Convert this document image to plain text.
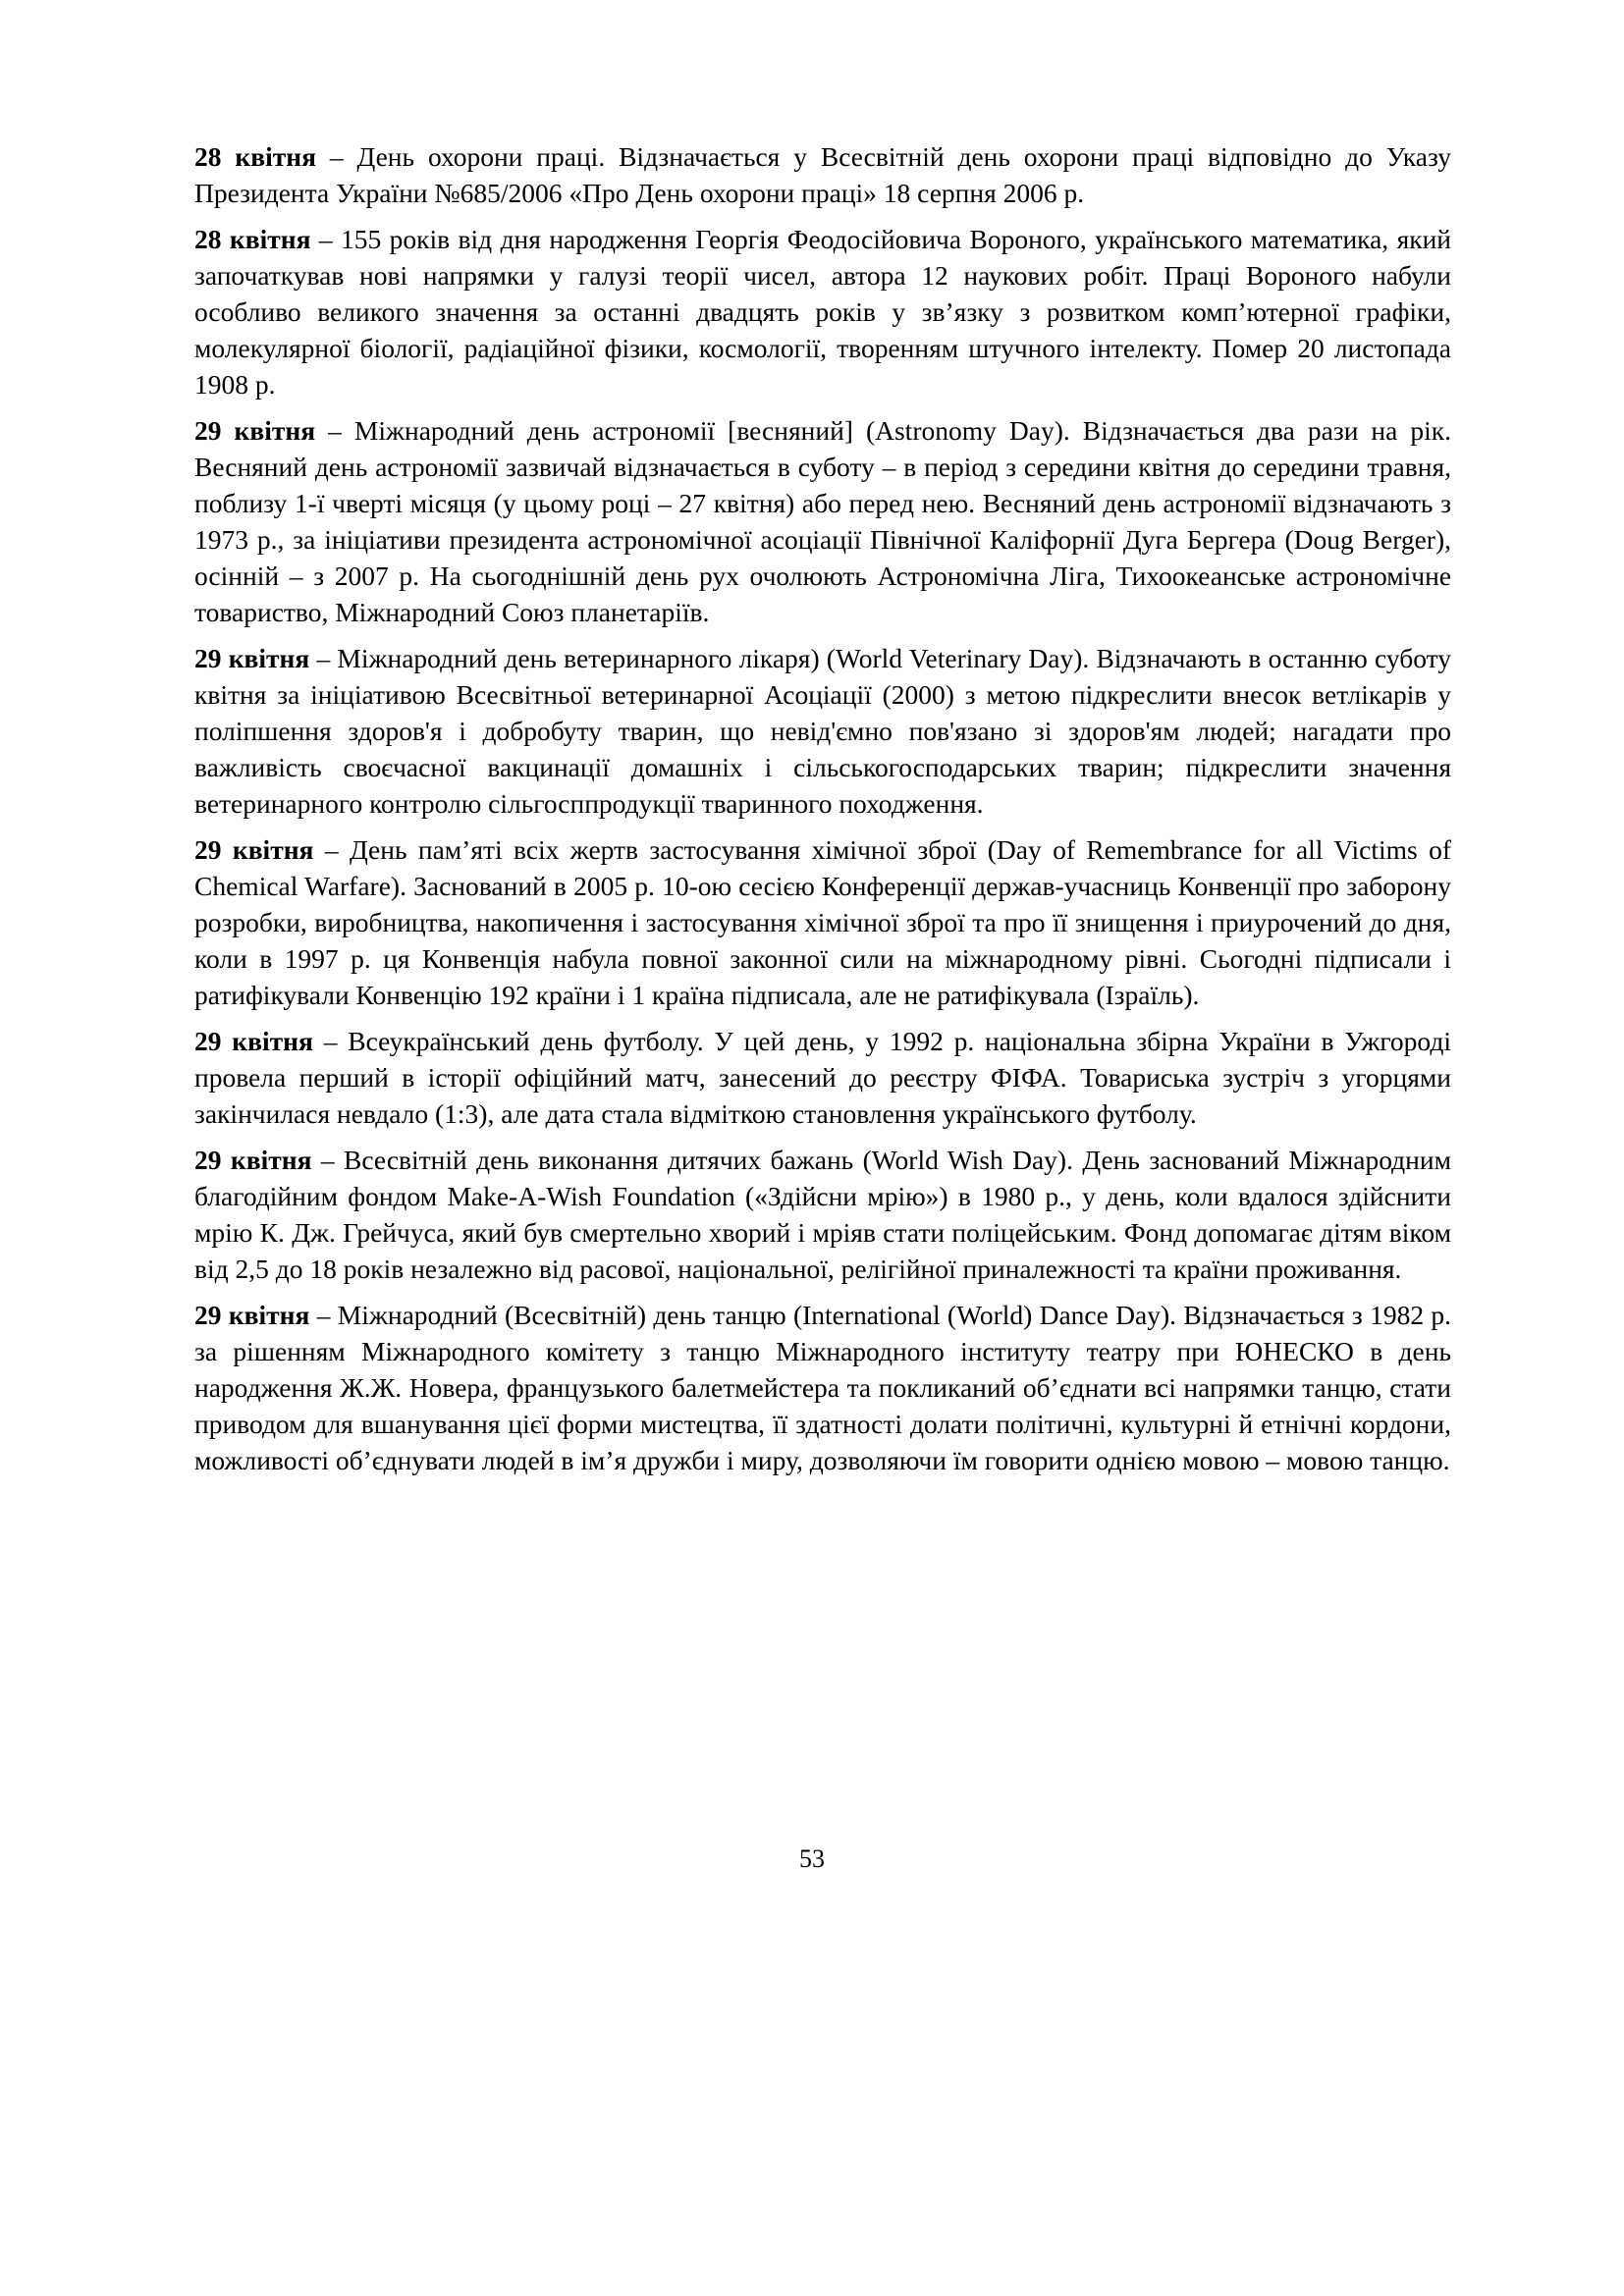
28 квітня – День охорони праці. Відзначається у Всесвітній день охорони праці відповідно до Указу Президента України №685/2006 «Про День охорони праці» 18 серпня 2006 р.

28 квітня – 155 років від дня народження Георгія Феодосійовича Вороного, українського математика, який започаткував нові напрямки у галузі теорії чисел, автора 12 наукових робіт. Праці Вороного набули особливо великого значення за останні двадцять років у зв’язку з розвитком комп’ютерної графіки, молекулярної біології, радіаційної фізики, космології, творенням штучного інтелекту. Помер 20 листопада 1908 р.

29 квітня – Міжнародний день астрономії [весняний] (Astronomy Day). Відзначається два рази на рік. Весняний день астрономії зазвичай відзначається в суботу – в період з середини квітня до середини травня, поблизу 1-ї чверті місяця (у цьому році – 27 квітня) або перед нею. Весняний день астрономії відзначають з 1973 р., за ініціативи президента астрономічної асоціації Північної Каліфорнії Дуга Бергера (Doug Berger), осінній – з 2007 р. На сьогоднішній день рух очолюють Астрономічна Ліга, Тихоокеанське астрономічне товариство, Міжнародний Союз планетаріїв.

29 квітня – Міжнародний день ветеринарного лікаря) (World Veterinary Day). Відзначають в останню суботу квітня за ініціативою Всесвітньої ветеринарної Асоціації (2000) з метою підкреслити внесок ветлікарів у поліпшення здоров'я і добробуту тварин, що невід'ємно пов'язано зі здоров'ям людей; нагадати про важливість своєчасної вакцинації домашніх і сільськогосподарських тварин; підкреслити значення ветеринарного контролю сільгосппродукції тваринного походження.

29 квітня – День пам’яті всіх жертв застосування хімічної зброї (Day of Remembrance for all Victims of Chemical Warfare). Заснований в 2005 р. 10-ою сесією Конференції держав-учасниць Конвенції про заборону розробки, виробництва, накопичення і застосування хімічної зброї та про її знищення і приурочений до дня, коли в 1997 р. ця Конвенція набула повної законної сили на міжнародному рівні. Сьогодні підписали і ратифікували Конвенцію 192 країни і 1 країна підписала, але не ратифікувала (Ізраїль).

29 квітня – Всеукраїнський день футболу. У цей день, у 1992 р. національна збірна України в Ужгороді провела перший в історії офіційний матч, занесений до реєстру ФІФА. Товариська зустріч з угорцями закінчилася невдало (1:3), але дата стала відміткою становлення українського футболу.

29 квітня – Всесвітній день виконання дитячих бажань (World Wish Day). День заснований Міжнародним благодійним фондом Make-A-Wish Foundation («Здійсни мрію») в 1980 р., у день, коли вдалося здійснити мрію К. Дж. Грейчуса, який був смертельно хворий і мріяв стати поліцейським. Фонд допомагає дітям віком від 2,5 до 18 років незалежно від расової, національної, релігійної приналежності та країни проживання.

29 квітня – Міжнародний (Всесвітній) день танцю (International (World) Dance Day). Відзначається з 1982 р. за рішенням Міжнародного комітету з танцю Міжнародного інституту театру при ЮНЕСКО в день народження Ж.Ж. Новера, французького балетмейстера та покликаний об’єднати всі напрямки танцю, стати приводом для вшанування цієї форми мистецтва, її здатності долати політичні, культурні й етнічні кордони, можливості об’єднувати людей в ім’я дружби і миру, дозволяючи їм говорити однією мовою – мовою танцю.

53
